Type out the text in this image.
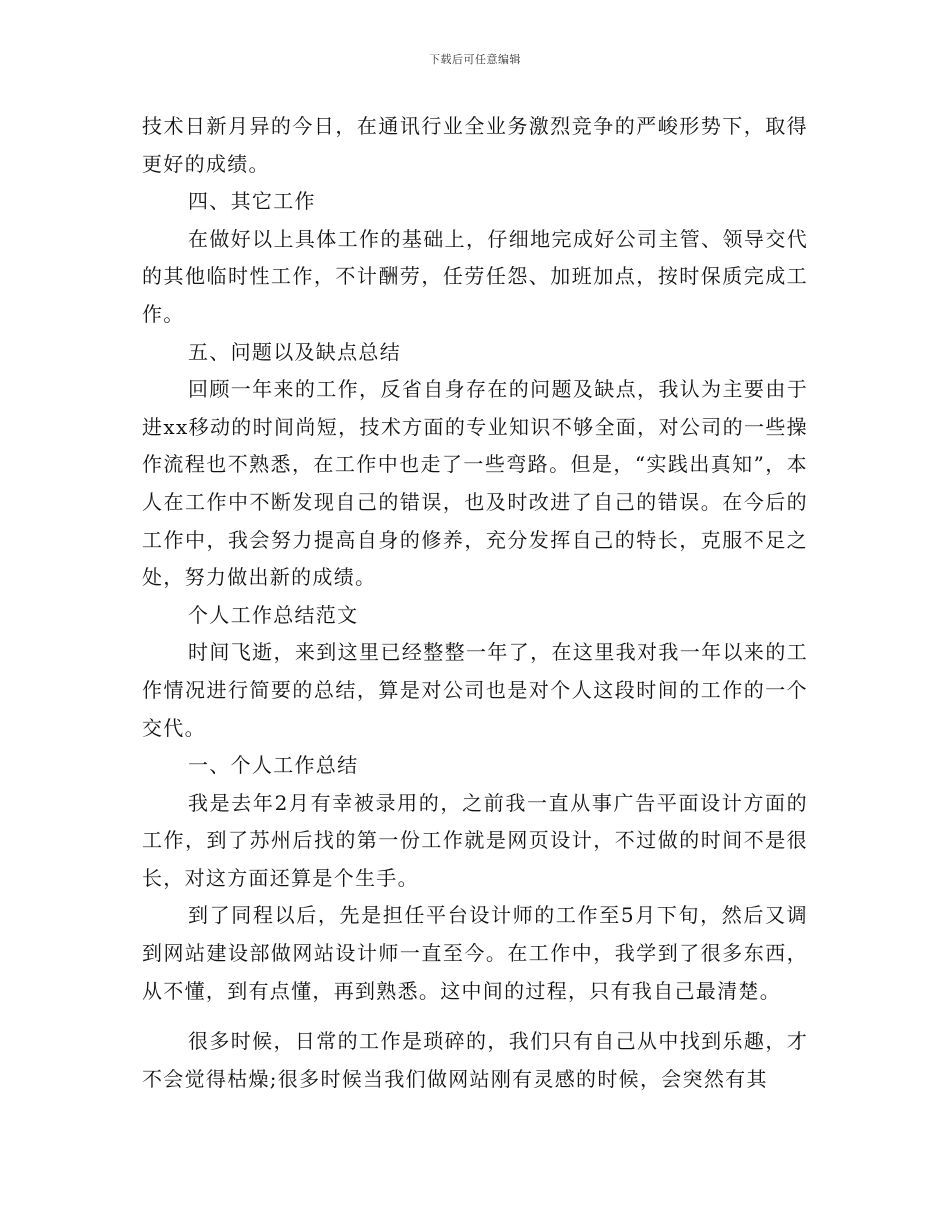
下载后可任意编辑

技术日新月异的今日，在通讯行业全业务激烈竞争的严峻形势下，取得更好的成绩。

四、其它工作

在做好以上具体工作的基础上，仔细地完成好公司主管、领导交代的其他临时性工作，不计酬劳，任劳任怨、加班加点，按时保质完成工作。

五、问题以及缺点总结

回顾一年来的工作，反省自身存在的问题及缺点，我认为主要由于进xx移动的时间尚短，技术方面的专业知识不够全面，对公司的一些操作流程也不熟悉，在工作中也走了一些弯路。但是，“实践出真知”，本人在工作中不断发现自己的错误，也及时改进了自己的错误。在今后的工作中，我会努力提高自身的修养，充分发挥自己的特长，克服不足之处，努力做出新的成绩。

个人工作总结范文

时间飞逝，来到这里已经整整一年了，在这里我对我一年以来的工作情况进行简要的总结，算是对公司也是对个人这段时间的工作的一个交代。

一、个人工作总结

我是去年2月有幸被录用的，之前我一直从事广告平面设计方面的工作，到了苏州后找的第一份工作就是网页设计，不过做的时间不是很长，对这方面还算是个生手。

到了同程以后，先是担任平台设计师的工作至5月下旬，然后又调到网站建设部做网站设计师一直至今。在工作中，我学到了很多东西，从不懂，到有点懂，再到熟悉。这中间的过程，只有我自己最清楚。

很多时候，日常的工作是琐碎的，我们只有自己从中找到乐趣，才不会觉得枯燥;很多时候当我们做网站刚有灵感的时候，会突然有其
